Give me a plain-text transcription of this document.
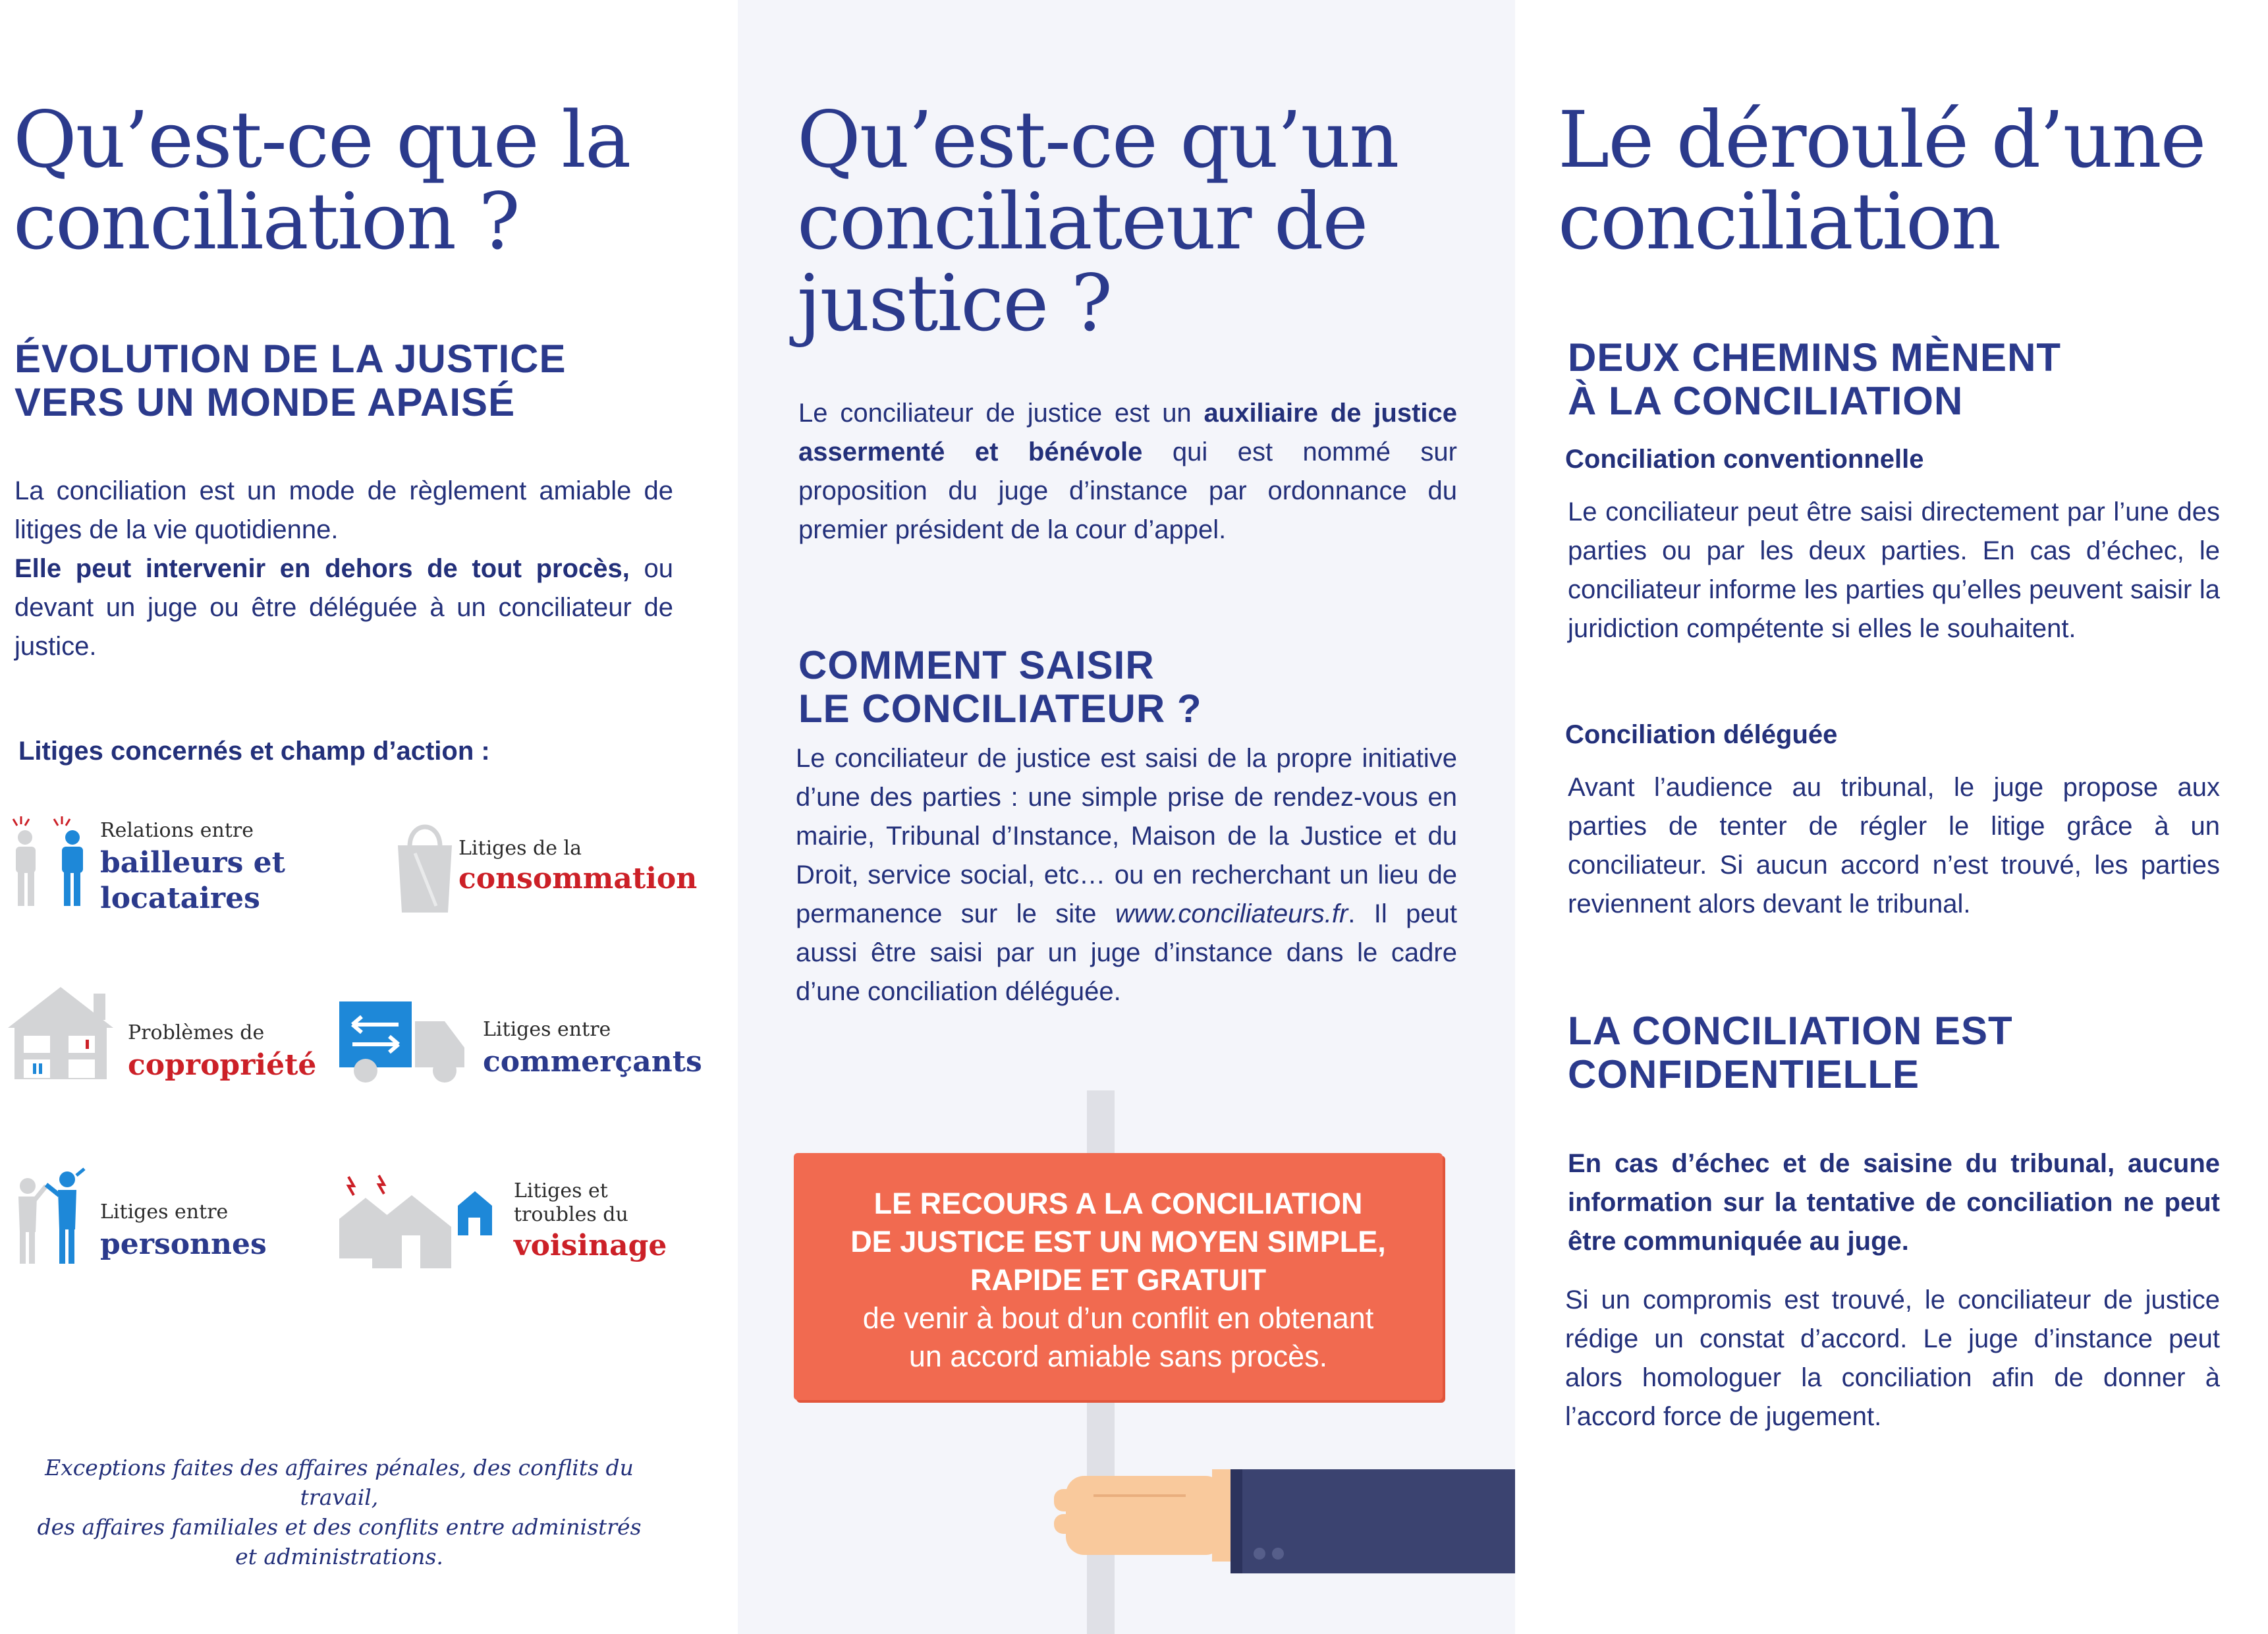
Qu’est-ce que la
conciliation ?
ÉVOLUTION DE LA JUSTICE
VERS UN MONDE APAISÉ

La conciliation est un mode de règlement amiable de litiges de la vie quotidienne.
Elle peut intervenir en dehors de tout procès, ou devant un juge ou être déléguée à un conciliateur de justice.

Litiges concernés et champ d’action :

Relations entre
bailleurs et
locataires
Litiges de la
consommation
Problèmes de
copropriété
Litiges entre
commerçants
Litiges entre
personnes
Litiges et
troubles du
voisinage

Exceptions faites des affaires pénales, des conflits du travail,
des affaires familiales et des conflits entre administrés
et administrations.

Qu’est-ce qu’un
conciliateur de
justice ?

Le conciliateur de justice est un auxiliaire de justice assermenté et bénévole qui est nommé sur proposition du juge d’instance par ordonnance du premier président de la cour d’appel.

COMMENT SAISIR
LE CONCILIATEUR ?

Le conciliateur de justice est saisi de la propre initiative d’une des parties : une simple prise de rendez-vous en mairie, Tribunal d’Instance, Maison de la Justice et du Droit, service social, etc… ou en recherchant un lieu de permanence sur le site www.conciliateurs.fr. Il peut aussi être saisi par un juge d’instance dans le cadre d’une conciliation déléguée.

LE RECOURS A LA CONCILIATION
DE JUSTICE EST UN MOYEN SIMPLE,
RAPIDE ET GRATUIT
de venir à bout d’un conflit en obtenant
un accord amiable sans procès.
Le déroulé d’une
conciliation
DEUX CHEMINS MÈNENT
À LA CONCILIATION

Conciliation conventionnelle

Le conciliateur peut être saisi directement par l’une des parties ou par les deux parties. En cas d’échec, le conciliateur informe les parties qu’elles peuvent saisir la juridiction compétente si elles le souhaitent.

Conciliation déléguée

Avant l’audience au tribunal, le juge propose aux parties de tenter de régler le litige grâce à un conciliateur. Si aucun accord n’est trouvé, les parties reviennent alors devant le tribunal.

LA CONCILIATION EST
CONFIDENTIELLE

En cas d’échec et de saisine du tribunal, aucune information sur la tentative de conciliation ne peut être communiquée au juge.

Si un compromis est trouvé, le conciliateur de justice rédige un constat d’accord. Le juge d’instance peut alors homologuer la conciliation afin de donner à l’accord force de jugement.
